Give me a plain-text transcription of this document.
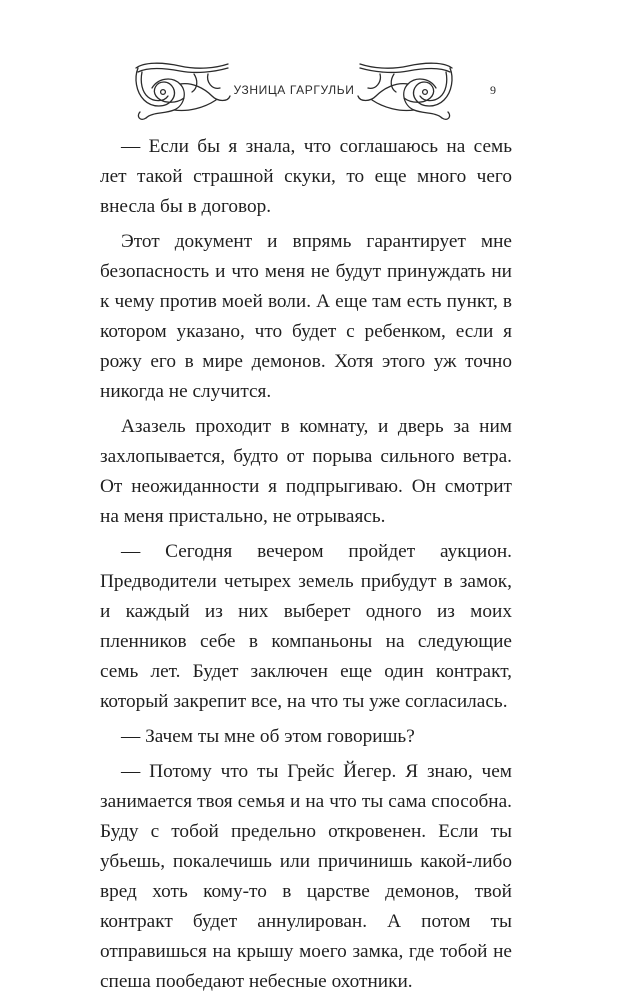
УЗНИЦА ГАРГУЛЬИ	9

— Если бы я знала, что соглашаюсь на семь лет такой страшной скуки, то еще много чего внесла бы в договор.

Этот документ и впрямь гарантирует мне безопасность и что меня не будут принуждать ни к чему против моей воли. А еще там есть пункт, в котором указано, что будет с ребенком, если я рожу его в мире демонов. Хотя этого уж точно никогда не случится.

Азазель проходит в комнату, и дверь за ним захлопывается, будто от порыва сильного ветра. От неожиданности я подпрыгиваю. Он смотрит на меня пристально, не отрываясь.

— Сегодня вечером пройдет аукцион. Предводители четырех земель прибудут в замок, и каждый из них выберет одного из моих пленников себе в компаньоны на следующие семь лет. Будет заключен еще один контракт, который закрепит все, на что ты уже согласилась.

— Зачем ты мне об этом говоришь?

— Потому что ты Грейс Йегер. Я знаю, чем занимается твоя семья и на что ты сама способна. Буду с тобой предельно откровенен. Если ты убьешь, покалечишь или причинишь какой-либо вред хоть кому-то в царстве демонов, твой контракт будет аннулирован. А потом ты отправишься на крышу моего замка, где тобой не спеша пообедают небесные охотники.
